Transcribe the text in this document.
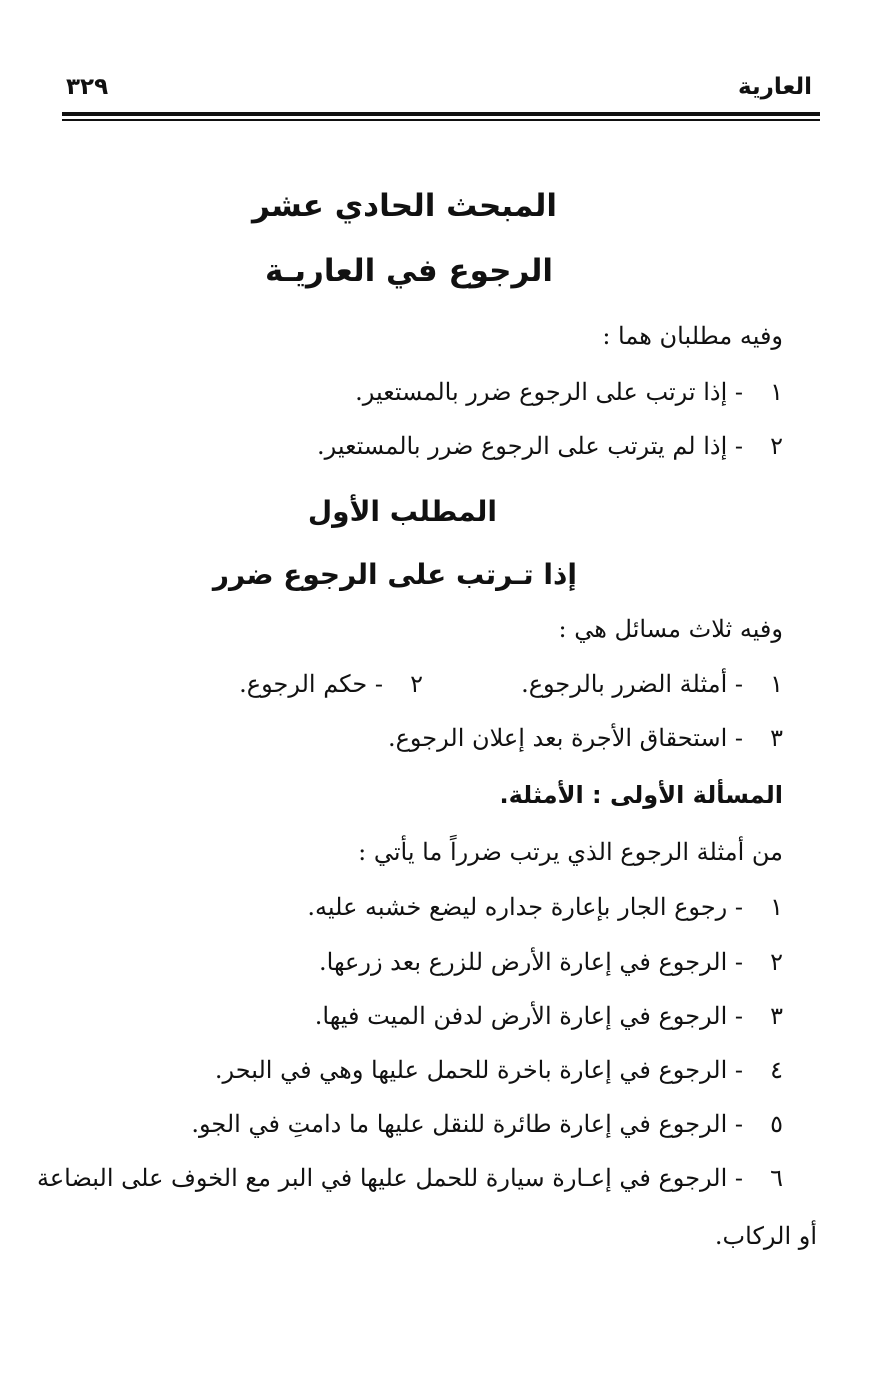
العارية
٣٢٩
المبحث الحادي عشر
الرجوع في العاريـة
وفيه مطلبان هما :
١
- إذا ترتب على الرجوع ضرر بالمستعير.
٢
- إذا لم يترتب على الرجوع ضرر بالمستعير.
المطلب الأول
إذا تـرتب على الرجوع ضرر
وفيه ثلاث مسائل هي :
١
- أمثلة الضرر بالرجوع.
٢
- حكم الرجوع.
٣
- استحقاق الأجرة بعد إعلان الرجوع.
المسألة الأولى : الأمثلة.
من أمثلة الرجوع الذي يرتب ضرراً ما يأتي :
١
- رجوع الجار بإعارة جداره ليضع خشبه عليه.
٢
- الرجوع في إعارة الأرض للزرع بعد زرعها.
٣
- الرجوع في إعارة الأرض لدفن الميت فيها.
٤
- الرجوع في إعارة باخرة للحمل عليها وهي في البحر.
٥
- الرجوع في إعارة طائرة للنقل عليها ما دامتِ في الجو.
٦
- الرجوع في إعـارة سيارة للحمل عليها في البر مع الخوف على البضاعة
أو الركاب.
